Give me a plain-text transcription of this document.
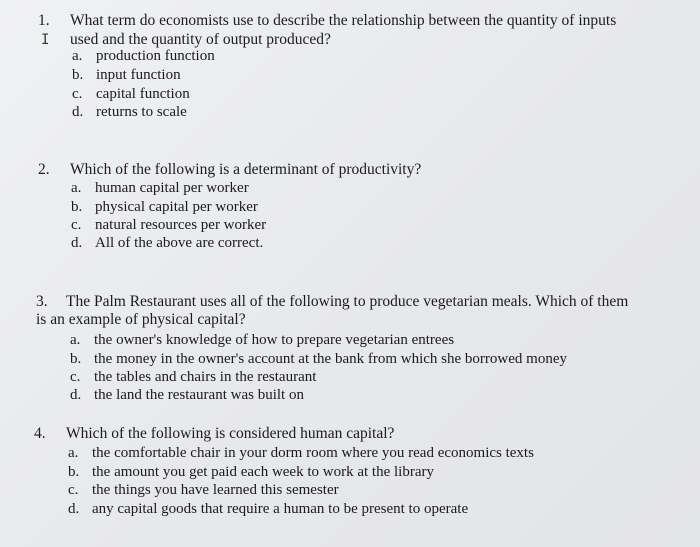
1. What term do economists use to describe the relationship between the quantity of inputs
used and the quantity of output produced?
I
a. production function
b. input function
c. capital function
d. returns to scale
2. Which of the following is a determinant of productivity?
a. human capital per worker
b. physical capital per worker
c. natural resources per worker
d. All of the above are correct.
3. The Palm Restaurant uses all of the following to produce vegetarian meals. Which of them
is an example of physical capital?
a. the owner's knowledge of how to prepare vegetarian entrees
b. the money in the owner's account at the bank from which she borrowed money
c. the tables and chairs in the restaurant
d. the land the restaurant was built on
4. Which of the following is considered human capital?
a. the comfortable chair in your dorm room where you read economics texts
b. the amount you get paid each week to work at the library
c. the things you have learned this semester
d. any capital goods that require a human to be present to operate
